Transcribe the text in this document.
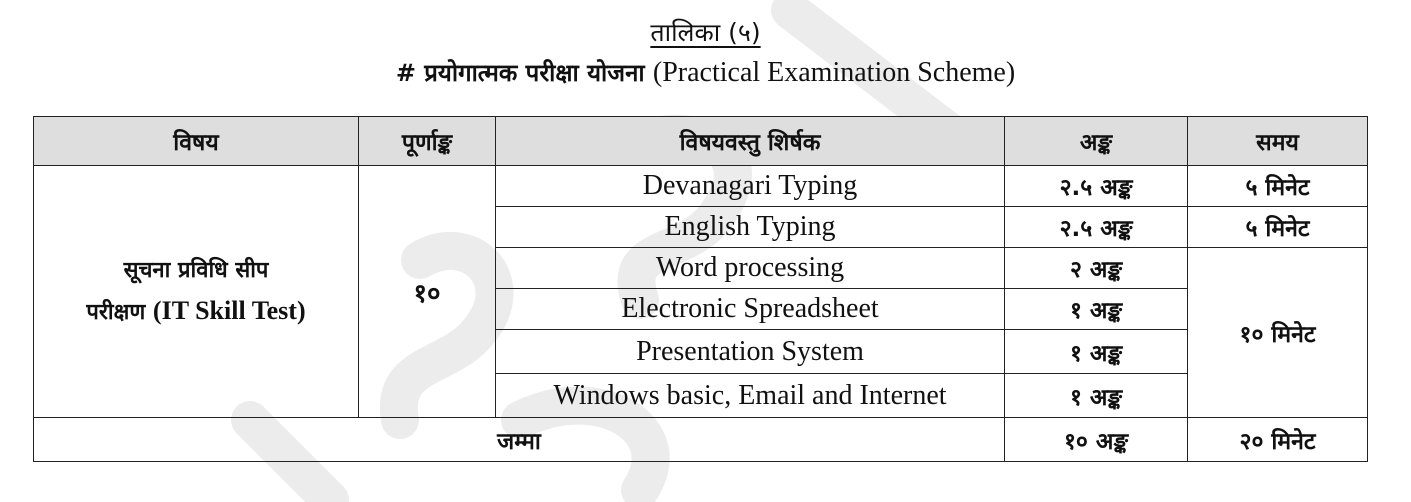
तालिका (५)
# प्रयोगात्मक परीक्षा योजना (Practical Examination Scheme)
विषय	पूर्णाङ्क	विषयवस्तु शिर्षक	अङ्क	समय

सूचना प्रविधि सीप
परीक्षण (IT Skill Test)	१०	Devanagari Typing	२.५ अङ्क	५ मिनेट
		English Typing	२.५ अङ्क	५ मिनेट
		Word processing	२ अङ्क	१० मिनेट
		Electronic Spreadsheet	१ अङ्क	
		Presentation System	१ अङ्क	
		Windows basic, Email and Internet	१ अङ्क	
जम्मा			१० अङ्क	२० मिनेट
